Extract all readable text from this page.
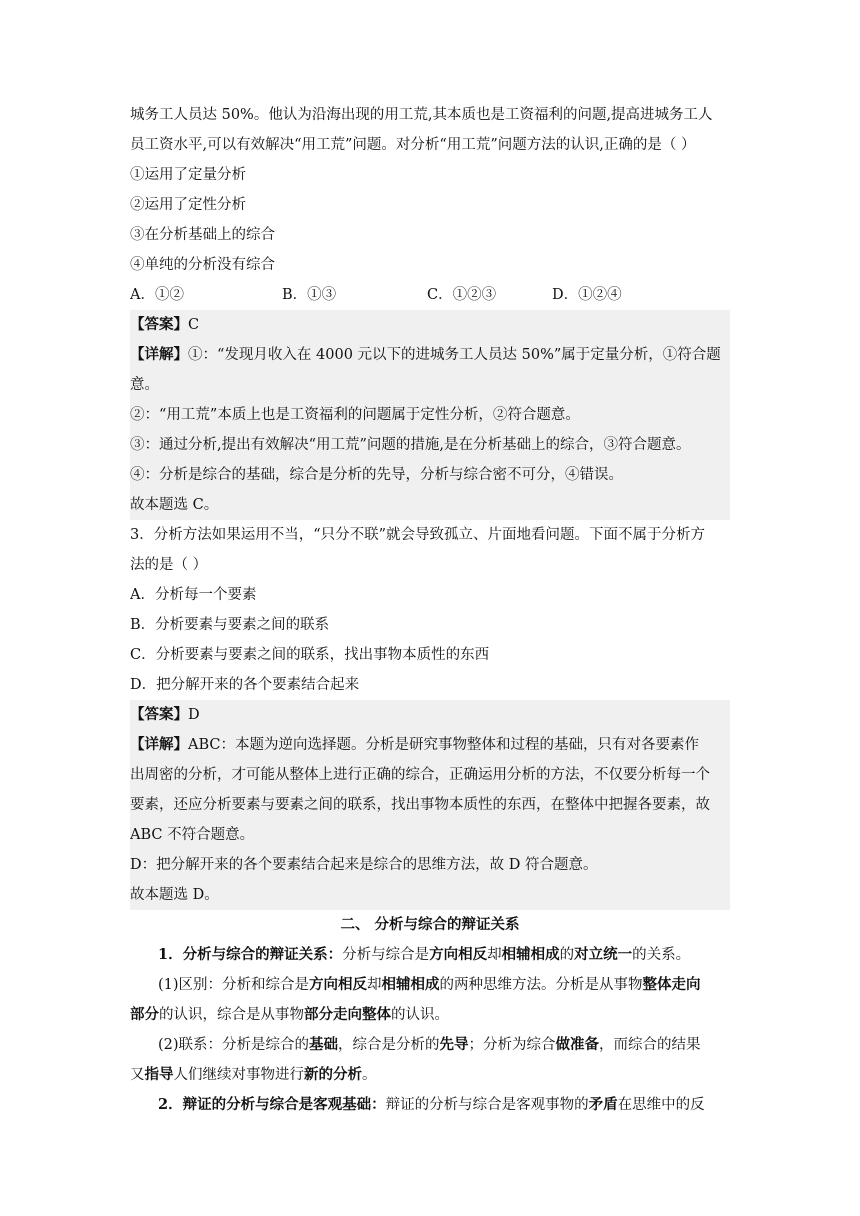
城务工人员达 50%。他认为沿海出现的用工荒,其本质也是工资福利的问题,提高进城务工人
员工资水平,可以有效解决“用工荒”问题。对分析“用工荒”问题方法的认识,正确的是（ ）
①运用了定量分析
②运用了定性分析
③在分析基础上的综合
④单纯的分析没有综合
A．①②	B．①③	C．①②③	D．①②④
【答案】C
【详解】①：“发现月收入在 4000 元以下的进城务工人员达 50%”属于定量分析，①符合题
意。
②：“用工荒”本质上也是工资福利的问题属于定性分析，②符合题意。
③：通过分析,提出有效解决“用工荒”问题的措施,是在分析基础上的综合，③符合题意。
④：分析是综合的基础，综合是分析的先导，分析与综合密不可分，④错误。
故本题选 C。
3．分析方法如果运用不当，“只分不联”就会导致孤立、片面地看问题。下面不属于分析方
法的是（ ）
A．分析每一个要素
B．分析要素与要素之间的联系
C．分析要素与要素之间的联系，找出事物本质性的东西
D．把分解开来的各个要素结合起来
【答案】D
【详解】ABC：本题为逆向选择题。分析是研究事物整体和过程的基础，只有对各要素作
出周密的分析，才可能从整体上进行正确的综合，正确运用分析的方法，不仅要分析每一个
要素，还应分析要素与要素之间的联系，找出事物本质性的东西，在整体中把握各要素，故
ABC 不符合题意。
D：把分解开来的各个要素结合起来是综合的思维方法，故 D 符合题意。
故本题选 D。
二、 分析与综合的辩证关系
1．分析与综合的辩证关系：分析与综合是方向相反却相辅相成的对立统一的关系。
(1)区别：分析和综合是方向相反却相辅相成的两种思维方法。分析是从事物整体走向
部分的认识，综合是从事物部分走向整体的认识。
(2)联系：分析是综合的基础，综合是分析的先导；分析为综合做准备，而综合的结果
又指导人们继续对事物进行新的分析。
2．辩证的分析与综合是客观基础：辩证的分析与综合是客观事物的矛盾在思维中的反
